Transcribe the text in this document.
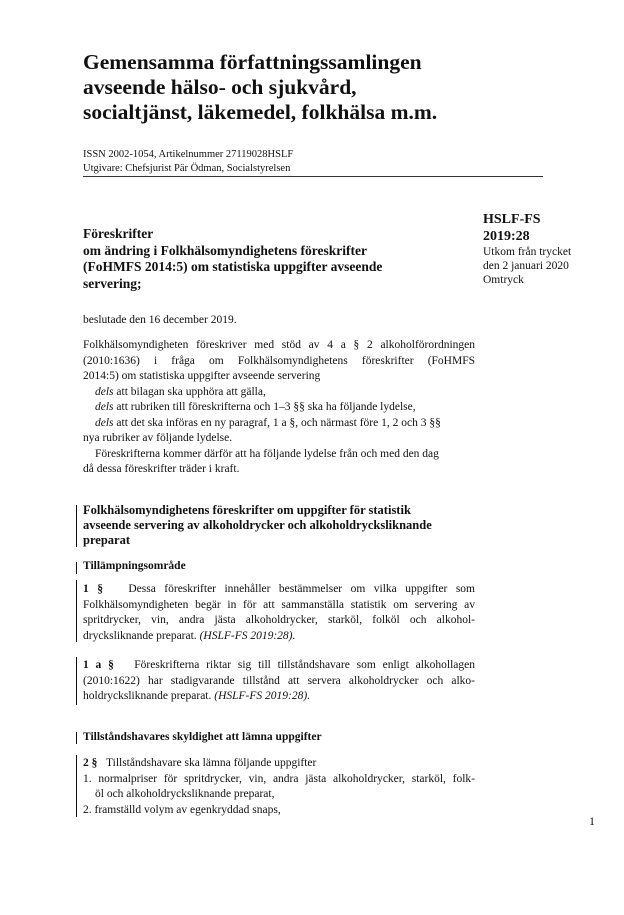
Gemensamma författningssamlingen
avseende hälso- och sjukvård,
socialtjänst, läkemedel, folkhälsa m.m.
ISSN 2002-1054, Artikelnummer 27119028HSLF
Utgivare: Chefsjurist Pär Ödman, Socialstyrelsen
HSLF-FS
2019:28
Utkom från trycket
den 2 januari 2020
Omtryck
Föreskrifter
om ändring i Folkhälsomyndighetens föreskrifter
(FoHMFS 2014:5) om statistiska uppgifter avseende
servering;
beslutade den 16 december 2019.
Folkhälsomyndigheten föreskriver med stöd av 4 a § 2 alkoholförordningen
(2010:1636) i fråga om Folkhälsomyndighetens föreskrifter (FoHMFS
2014:5) om statistiska uppgifter avseende servering
dels att bilagan ska upphöra att gälla,
dels att rubriken till föreskrifterna och 1–3 §§ ska ha följande lydelse,
dels att det ska införas en ny paragraf, 1 a §, och närmast före 1, 2 och 3 §§
nya rubriker av följande lydelse.
Föreskrifterna kommer därför att ha följande lydelse från och med den dag
då dessa föreskrifter träder i kraft.
Folkhälsomyndighetens föreskrifter om uppgifter för statistik
avseende servering av alkoholdrycker och alkoholdrycksliknande
preparat
Tillämpningsområde
1 § Dessa föreskrifter innehåller bestämmelser om vilka uppgifter som
Folkhälsomyndigheten begär in för att sammanställa statistik om servering av
spritdrycker, vin, andra jästa alkoholdrycker, starköl, folköl och alkohol-
drycksliknande preparat. (HSLF-FS 2019:28).
1 a § Föreskrifterna riktar sig till tillståndshavare som enligt alkohollagen
(2010:1622) har stadigvarande tillstånd att servera alkoholdrycker och alko-
holdrycksliknande preparat. (HSLF-FS 2019:28).
Tillståndshavares skyldighet att lämna uppgifter
2 § Tillståndshavare ska lämna följande uppgifter
1. normalpriser för spritdrycker, vin, andra jästa alkoholdrycker, starköl, folk-
öl och alkoholdrycksliknande preparat,
2. framställd volym av egenkryddad snaps,
1
